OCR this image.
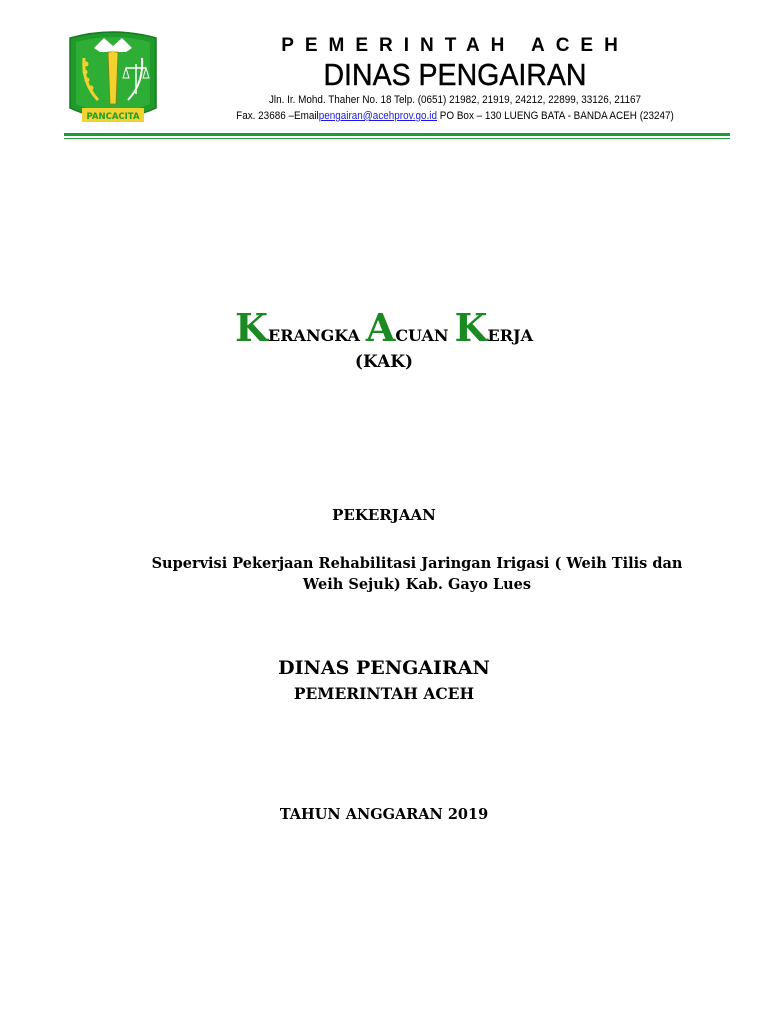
PANCACITA

PEMERINTAH ACEH

DINAS PENGAIRAN

Jln. Ir. Mohd. Thaher No. 18 Telp. (0651) 21982, 21919, 24212, 22899, 33126, 21167

Fax. 23686 –Emailpengairan@acehprov.go.id PO Box – 130 LUENG BATA - BANDA ACEH (23247)

KERANGKA ACUAN KERJA

(KAK)

PEKERJAAN

Supervisi Pekerjaan Rehabilitasi Jaringan Irigasi ( Weih Tilis dan Weih Sejuk) Kab. Gayo Lues

DINAS PENGAIRAN

PEMERINTAH ACEH

TAHUN ANGGARAN 2019
